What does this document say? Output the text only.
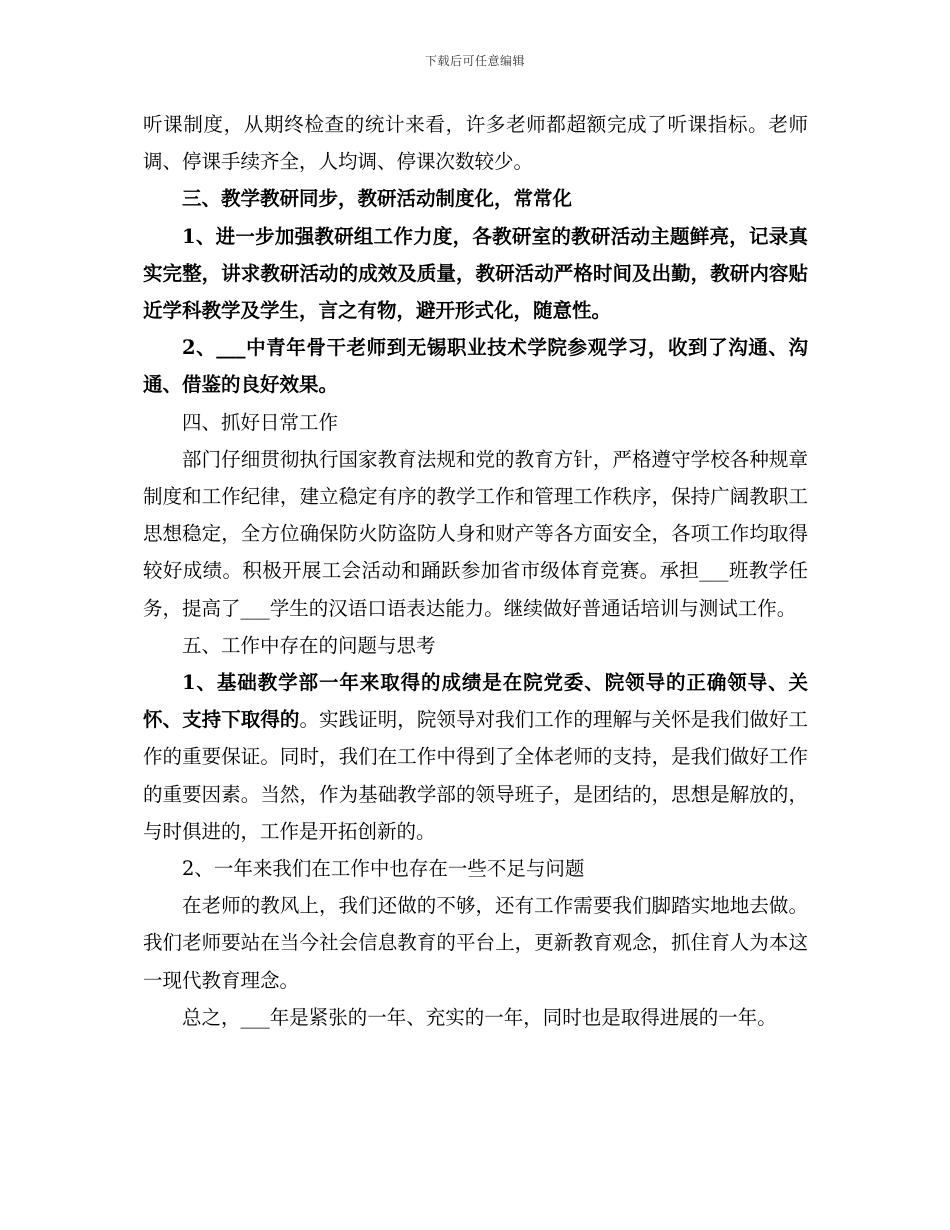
下载后可任意编辑

听课制度，从期终检查的统计来看，许多老师都超额完成了听课指标。老师调、停课手续齐全，人均调、停课次数较少。

三、教学教研同步，教研活动制度化，常常化

1、进一步加强教研组工作力度，各教研室的教研活动主题鲜亮，记录真实完整，讲求教研活动的成效及质量，教研活动严格时间及出勤，教研内容贴近学科教学及学生，言之有物，避开形式化，随意性。

2、___中青年骨干老师到无锡职业技术学院参观学习，收到了沟通、沟通、借鉴的良好效果。

四、抓好日常工作

部门仔细贯彻执行国家教育法规和党的教育方针，严格遵守学校各种规章制度和工作纪律，建立稳定有序的教学工作和管理工作秩序，保持广阔教职工思想稳定，全方位确保防火防盗防人身和财产等各方面安全，各项工作均取得较好成绩。积极开展工会活动和踊跃参加省市级体育竞赛。承担___班教学任务，提高了___学生的汉语口语表达能力。继续做好普通话培训与测试工作。

五、工作中存在的问题与思考

1、基础教学部一年来取得的成绩是在院党委、院领导的正确领导、关怀、支持下取得的。实践证明，院领导对我们工作的理解与关怀是我们做好工作的重要保证。同时，我们在工作中得到了全体老师的支持，是我们做好工作的重要因素。当然，作为基础教学部的领导班子，是团结的，思想是解放的，与时俱进的，工作是开拓创新的。

2、一年来我们在工作中也存在一些不足与问题

在老师的教风上，我们还做的不够，还有工作需要我们脚踏实地地去做。我们老师要站在当今社会信息教育的平台上，更新教育观念，抓住育人为本这一现代教育理念。

总之，___年是紧张的一年、充实的一年，同时也是取得进展的一年。
